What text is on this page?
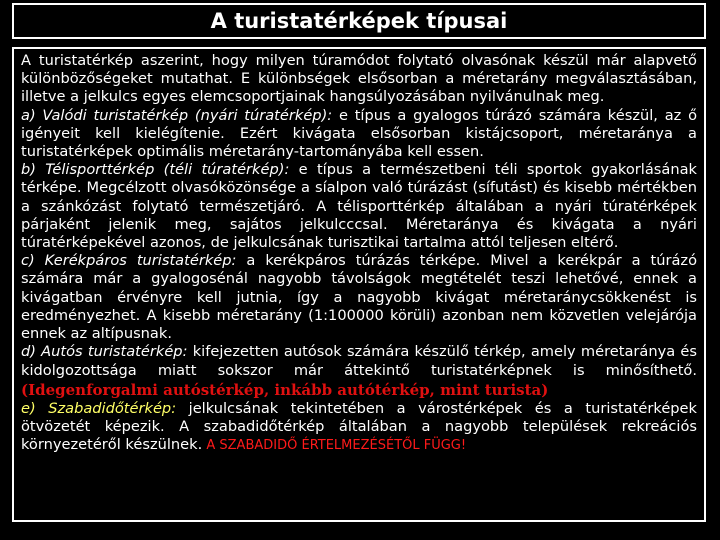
A turistatérképek típusai

A turistatérkép aszerint, hogy milyen túramódot folytató olvasónak készül már alapvető különbözőségeket mutathat. E különbségek elsősorban a méretarány megválasztásában, illetve a jelkulcs egyes elemcsoportjainak hangsúlyozásában nyilvánulnak meg.

a) Valódi turistatérkép (nyári túratérkép): e típus a gyalogos túrázó számára készül, az ő igényeit kell kielégítenie. Ezért kivágata elsősorban kistájcsoport, méretaránya a turistatérképek optimális méretarány-tartományába kell essen.

b) Télisporttérkép (téli túratérkép): e típus a természetbeni téli sportok gyakorlásának térképe. Megcélzott olvasóközönsége a síalpon való túrázást (sífutást) és kisebb mértékben a szánkózást folytató természetjáró. A télisporttérkép általában a nyári túratérképek párjaként jelenik meg, sajátos jelkulcccsal. Méretaránya és kivágata a nyári túratérképekével azonos, de jelkulcsának turisztikai tartalma attól teljesen eltérő.

c) Kerékpáros turistatérkép: a kerékpáros túrázás térképe. Mivel a kerékpár a túrázó számára már a gyalogosénál nagyobb távolságok megtételét teszi lehetővé, ennek a kivágatban érvényre kell jutnia, így a nagyobb kivágat méretaránycsökkenést is eredményezhet. A kisebb méretarány (1:100000 körüli) azonban nem közvetlen velejárója ennek az altípusnak.

d) Autós turistatérkép: kifejezetten autósok számára készülő térkép, amely méretaránya és kidolgozottsága miatt sokszor már áttekintő turistatérképnek is minősíthető. (Idegenforgalmi autóstérkép, inkább autótérkép, mint turista)

e) Szabadidőtérkép: jelkulcsának tekintetében a várostérképek és a turistatérképek ötvözetét képezik. A szabadidőtérkép általában a nagyobb települések rekreációs környezetéről készülnek. A SZABADIDŐ ÉRTELMEZÉSÉTŐL FÜGG!
